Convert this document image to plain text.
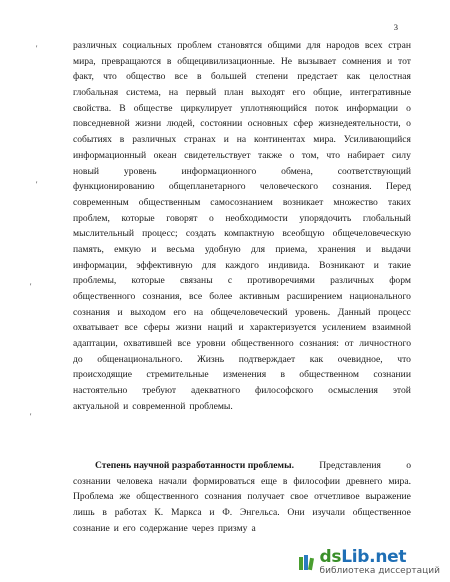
3
'
'
'
'
различных социальных проблем становятся общими для народов всех стран
мира, превращаются в общецивилизационные. Не вызывает сомнения и тот
факт, что общество все в большей степени предстает как целостная
глобальная система, на первый план выходят его общие, интегративные
свойства. В обществе циркулирует уплотняющийся поток информации о
повседневной жизни людей, состоянии основных сфер жизнедеятельности, о
событиях в различных странах и на континентах мира. Усиливающийся
информационный океан свидетельствует также о том, что набирает силу
новый	уровень	информационного	обмена,	соответствующий
функционированию общепланетарного человеческого сознания. Перед
современным общественным самосознанием возникает множество таких
проблем, которые говорят о необходимости упорядочить глобальный
мыслительный процесс; создать компактную всеобщую общечеловеческую
память, емкую и весьма удобную для приема, хранения и выдачи
информации, эффективную для каждого индивида. Возникают и такие
проблемы, которые связаны с противоречиями различных форм
общественного сознания, все более активным расширением национального
сознания и выходом его на общечеловеческий уровень. Данный процесс
охватывает все сферы жизни наций и характеризуется усилением взаимной
адаптации, охватившей все уровни общественного сознания: от личностного
до общенационального. Жизнь подтверждает как очевидное, что
происходящие стремительные изменения в общественном сознании
настоятельно требуют адекватного философского осмысления этой
актуальной и современной проблемы.
Степень научной разработанности проблемы.	Представления	о
сознании человека начали формироваться еще в философии древнего мира.
Проблема же общественного сознания получает свое отчетливое выражение
лишь в работах К. Маркса и Ф. Энгельса. Они изучали общественное
сознание и его содержание через призму а
dsLib.net
библиотека диссертаций
